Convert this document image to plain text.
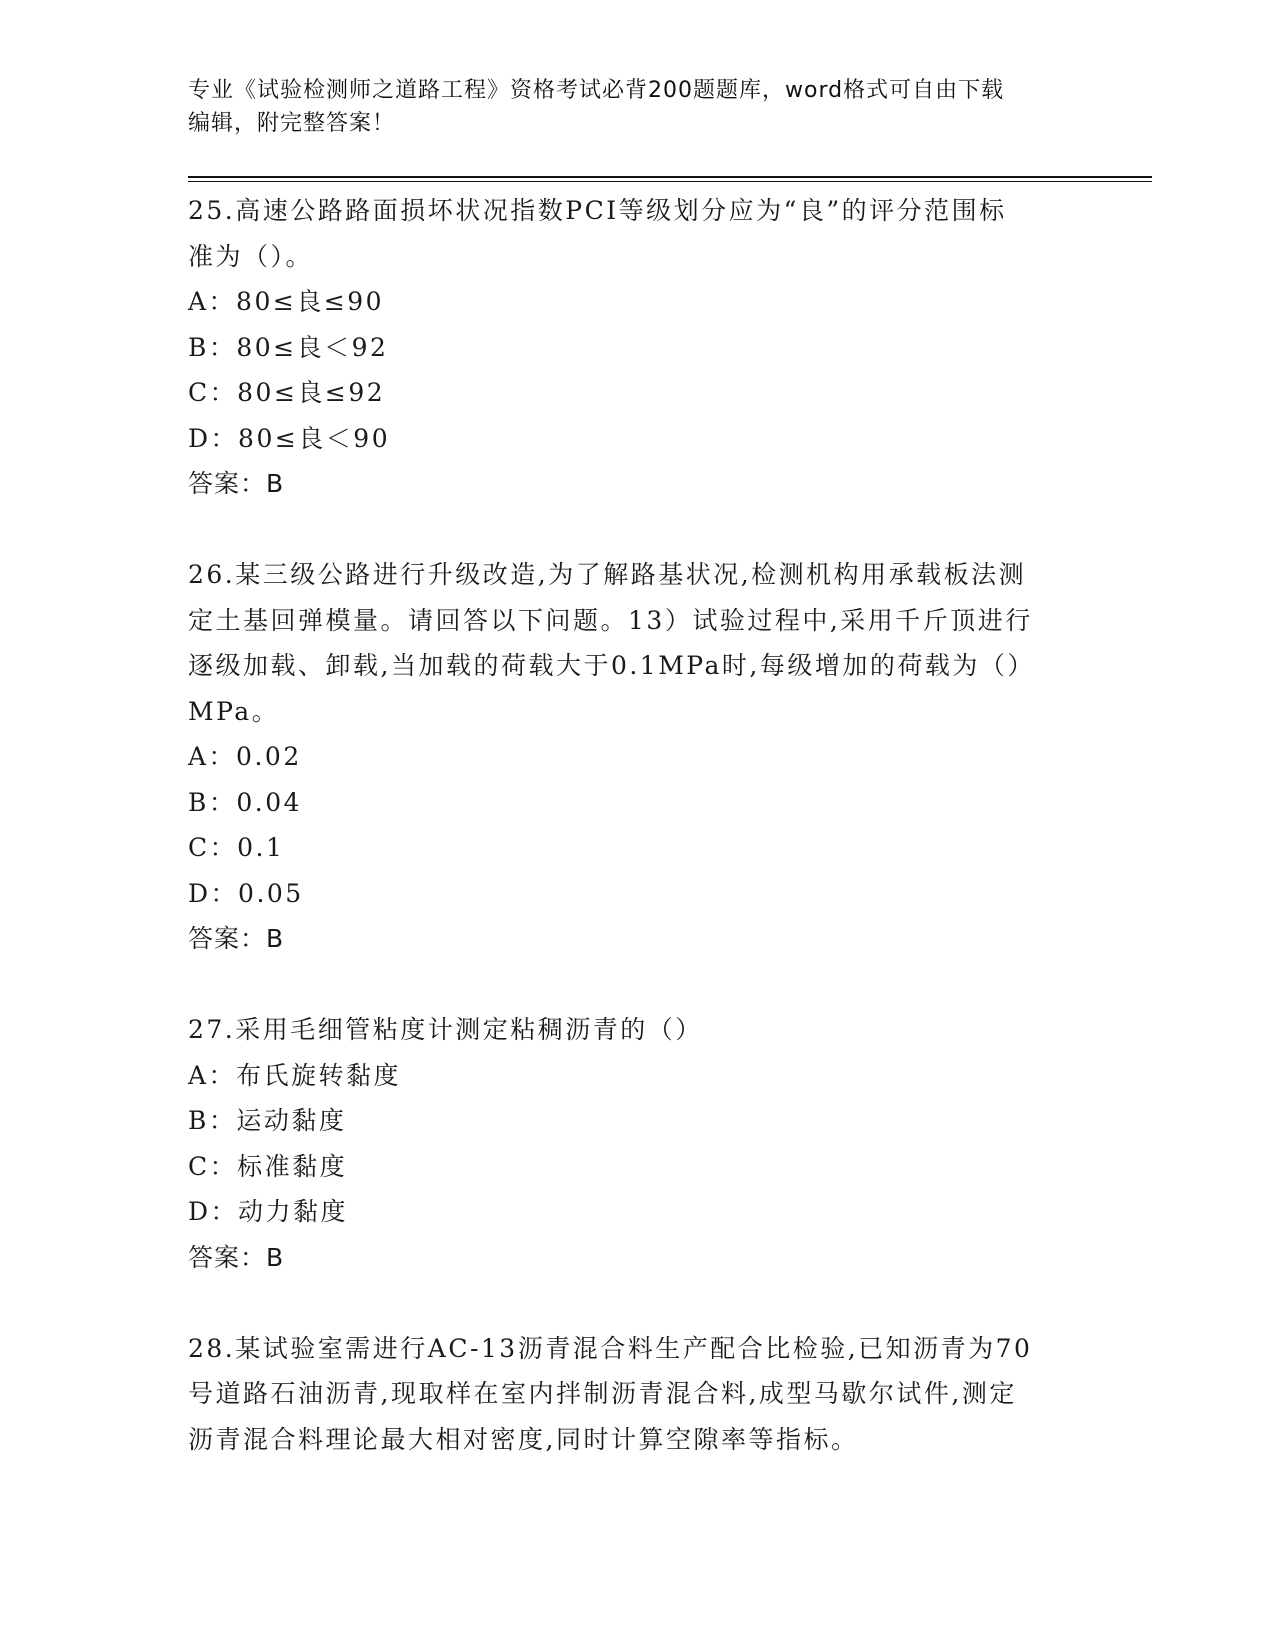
专业《试验检测师之道路工程》资格考试必背200题题库，word格式可自由下载
编辑，附完整答案！
25.高速公路路面损坏状况指数PCI等级划分应为“良”的评分范围标
准为（）。
A：80≤良≤90
B：80≤良＜92
C：80≤良≤92
D：80≤良＜90
答案：B
26.某三级公路进行升级改造,为了解路基状况,检测机构用承载板法测
定土基回弹模量。请回答以下问题。13）试验过程中,采用千斤顶进行
逐级加载、卸载,当加载的荷载大于0.1MPa时,每级增加的荷载为（）
MPa。
A：0.02
B：0.04
C：0.1
D：0.05
答案：B
27.采用毛细管粘度计测定粘稠沥青的（）
A：布氏旋转黏度
B：运动黏度
C：标准黏度
D：动力黏度
答案：B
28.某试验室需进行AC-13沥青混合料生产配合比检验,已知沥青为70
号道路石油沥青,现取样在室内拌制沥青混合料,成型马歇尔试件,测定
沥青混合料理论最大相对密度,同时计算空隙率等指标。
